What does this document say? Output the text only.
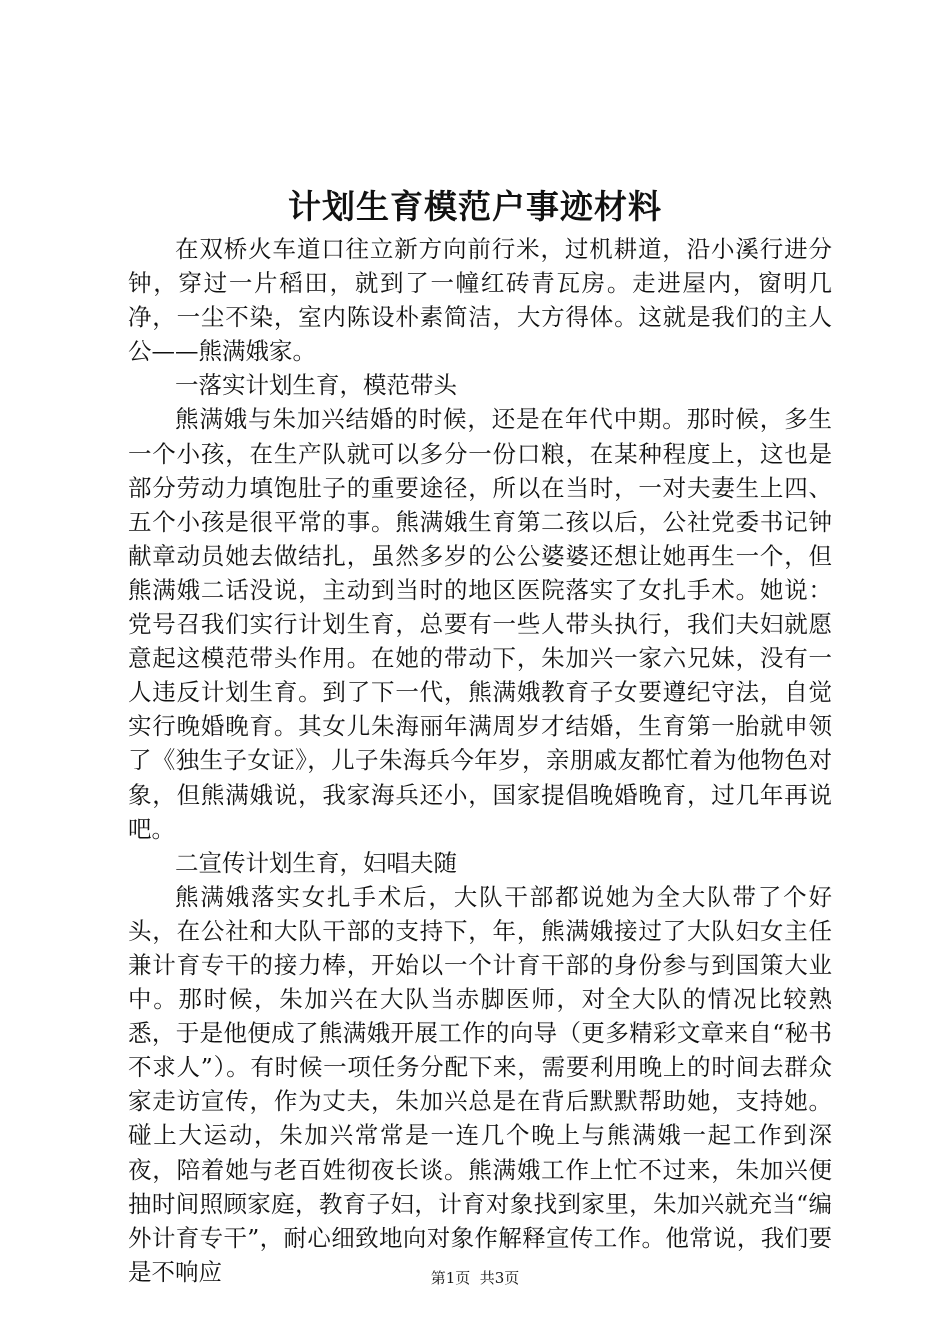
计划生育模范户事迹材料

在双桥火车道口往立新方向前行米，过机耕道，沿小溪行进分钟，穿过一片稻田，就到了一幢红砖青瓦房。走进屋内，窗明几净，一尘不染，室内陈设朴素简洁，大方得体。这就是我们的主人公——熊满娥家。

一落实计划生育，模范带头

熊满娥与朱加兴结婚的时候，还是在年代中期。那时候，多生一个小孩，在生产队就可以多分一份口粮，在某种程度上，这也是部分劳动力填饱肚子的重要途径，所以在当时，一对夫妻生上四、五个小孩是很平常的事。熊满娥生育第二孩以后，公社党委书记钟献章动员她去做结扎，虽然多岁的公公婆婆还想让她再生一个，但熊满娥二话没说，主动到当时的地区医院落实了女扎手术。她说：党号召我们实行计划生育，总要有一些人带头执行，我们夫妇就愿意起这模范带头作用。在她的带动下，朱加兴一家六兄妹，没有一人违反计划生育。到了下一代，熊满娥教育子女要遵纪守法，自觉实行晚婚晚育。其女儿朱海丽年满周岁才结婚，生育第一胎就申领了《独生子女证》，儿子朱海兵今年岁，亲朋戚友都忙着为他物色对象，但熊满娥说，我家海兵还小，国家提倡晚婚晚育，过几年再说吧。

二宣传计划生育，妇唱夫随

熊满娥落实女扎手术后，大队干部都说她为全大队带了个好头，在公社和大队干部的支持下，年，熊满娥接过了大队妇女主任兼计育专干的接力棒，开始以一个计育干部的身份参与到国策大业中。那时候，朱加兴在大队当赤脚医师，对全大队的情况比较熟悉，于是他便成了熊满娥开展工作的向导（更多精彩文章来自“秘书不求人”）。有时候一项任务分配下来，需要利用晚上的时间去群众家走访宣传，作为丈夫，朱加兴总是在背后默默帮助她，支持她。碰上大运动，朱加兴常常是一连几个晚上与熊满娥一起工作到深夜，陪着她与老百姓彻夜长谈。熊满娥工作上忙不过来，朱加兴便抽时间照顾家庭，教育子妇，计育对象找到家里，朱加兴就充当“编外计育专干”，耐心细致地向对象作解释宣传工作。他常说，我们要是不响应	第1页  共3页
